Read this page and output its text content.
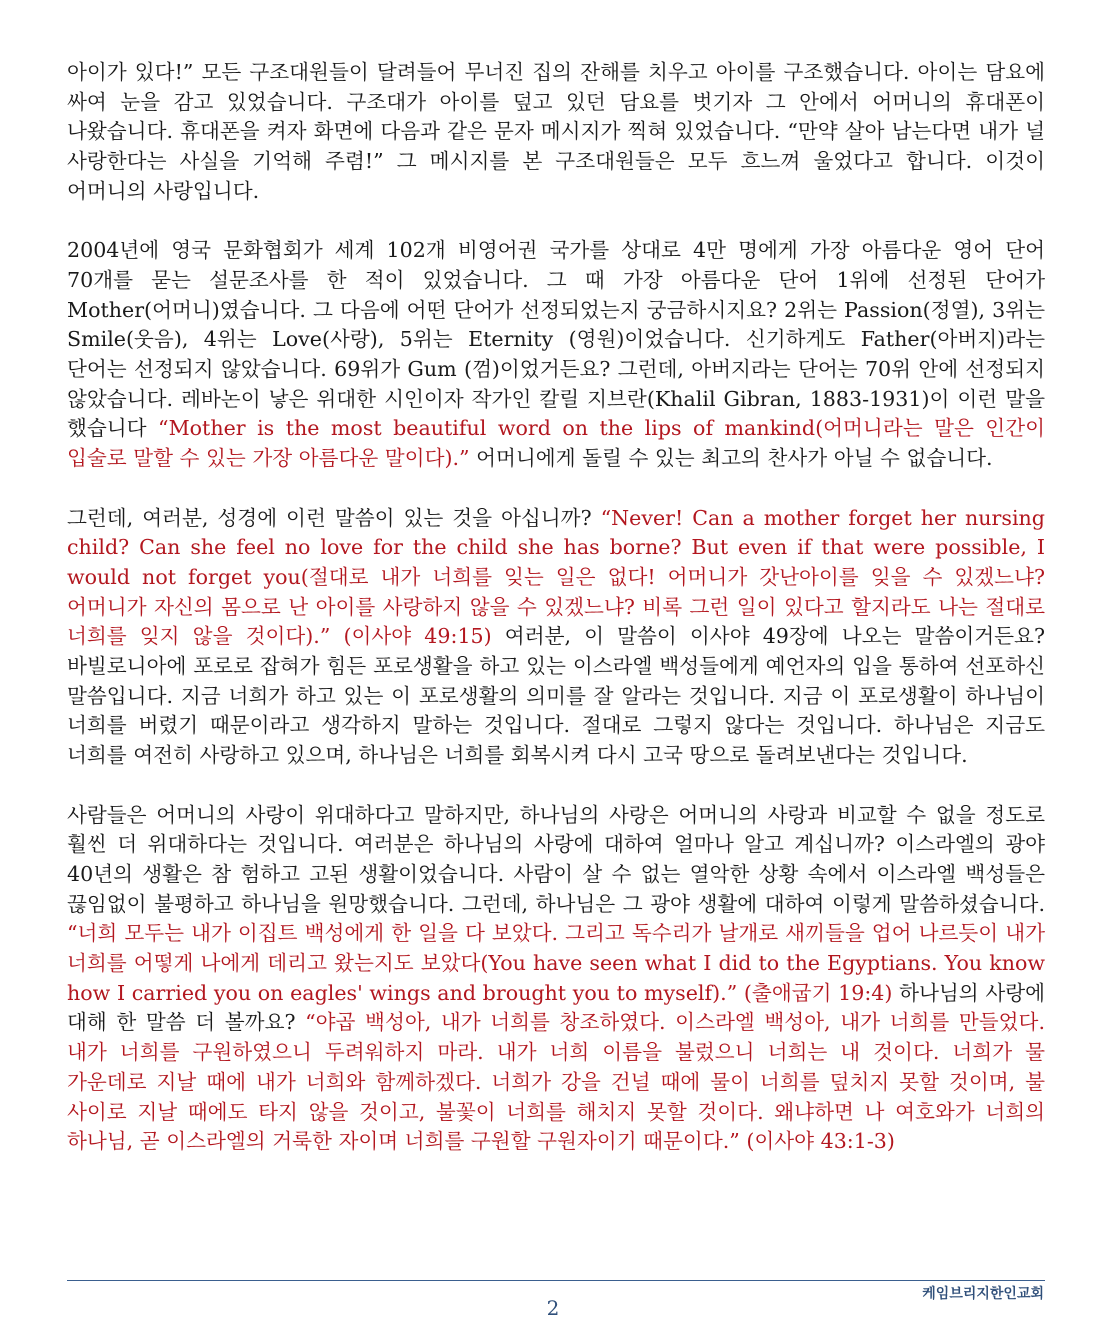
아이가 있다!” 모든 구조대원들이 달려들어 무너진 집의 잔해를 치우고 아이를 구조했습니다. 아이는 담요에 싸여 눈을 감고 있었습니다. 구조대가 아이를 덮고 있던 담요를 벗기자 그 안에서 어머니의 휴대폰이 나왔습니다. 휴대폰을 켜자 화면에 다음과 같은 문자 메시지가 찍혀 있었습니다. “만약 살아 남는다면 내가 널 사랑한다는 사실을 기억해 주렴!” 그 메시지를 본 구조대원들은 모두 흐느껴 울었다고 합니다. 이것이 어머니의 사랑입니다.

2004년에 영국 문화협회가 세계 102개 비영어권 국가를 상대로 4만 명에게 가장 아름다운 영어 단어 70개를 묻는 설문조사를 한 적이 있었습니다. 그 때 가장 아름다운 단어 1위에 선정된 단어가 Mother(어머니)였습니다. 그 다음에 어떤 단어가 선정되었는지 궁금하시지요? 2위는 Passion(정열), 3위는 Smile(웃음), 4위는 Love(사랑), 5위는 Eternity (영원)이었습니다. 신기하게도 Father(아버지)라는 단어는 선정되지 않았습니다. 69위가 Gum (껌)이었거든요? 그런데, 아버지라는 단어는 70위 안에 선정되지 않았습니다. 레바논이 낳은 위대한 시인이자 작가인 칼릴 지브란(Khalil Gibran, 1883-1931)이 이런 말을 했습니다 “Mother is the most beautiful word on the lips of mankind(어머니라는 말은 인간이 입술로 말할 수 있는 가장 아름다운 말이다).” 어머니에게 돌릴 수 있는 최고의 찬사가 아닐 수 없습니다.

그런데, 여러분, 성경에 이런 말씀이 있는 것을 아십니까? “Never! Can a mother forget her nursing child? Can she feel no love for the child she has borne? But even if that were possible, I would not forget you(절대로 내가 너희를 잊는 일은 없다! 어머니가 갓난아이를 잊을 수 있겠느냐? 어머니가 자신의 몸으로 난 아이를 사랑하지 않을 수 있겠느냐? 비록 그런 일이 있다고 할지라도 나는 절대로 너희를 잊지 않을 것이다).” (이사야 49:15) 여러분, 이 말씀이 이사야 49장에 나오는 말씀이거든요? 바빌로니아에 포로로 잡혀가 힘든 포로생활을 하고 있는 이스라엘 백성들에게 예언자의 입을 통하여 선포하신 말씀입니다. 지금 너희가 하고 있는 이 포로생활의 의미를 잘 알라는 것입니다. 지금 이 포로생활이 하나님이 너희를 버렸기 때문이라고 생각하지 말하는 것입니다. 절대로 그렇지 않다는 것입니다. 하나님은 지금도 너희를 여전히 사랑하고 있으며, 하나님은 너희를 회복시켜 다시 고국 땅으로 돌려보낸다는 것입니다.

사람들은 어머니의 사랑이 위대하다고 말하지만, 하나님의 사랑은 어머니의 사랑과 비교할 수 없을 정도로 훨씬 더 위대하다는 것입니다. 여러분은 하나님의 사랑에 대하여 얼마나 알고 계십니까? 이스라엘의 광야 40년의 생활은 참 험하고 고된 생활이었습니다. 사람이 살 수 없는 열악한 상황 속에서 이스라엘 백성들은 끊임없이 불평하고 하나님을 원망했습니다. 그런데, 하나님은 그 광야 생활에 대하여 이렇게 말씀하셨습니다. “너희 모두는 내가 이집트 백성에게 한 일을 다 보았다. 그리고 독수리가 날개로 새끼들을 업어 나르듯이 내가 너희를 어떻게 나에게 데리고 왔는지도 보았다(You have seen what I did to the Egyptians. You know how I carried you on eagles' wings and brought you to myself).” (출애굽기 19:4) 하나님의 사랑에 대해 한 말씀 더 볼까요? “야곱 백성아, 내가 너희를 창조하였다. 이스라엘 백성아, 내가 너희를 만들었다. 내가 너희를 구원하였으니 두려워하지 마라. 내가 너희 이름을 불렀으니 너희는 내 것이다. 너희가 물 가운데로 지날 때에 내가 너희와 함께하겠다. 너희가 강을 건널 때에 물이 너희를 덮치지 못할 것이며, 불 사이로 지날 때에도 타지 않을 것이고, 불꽃이 너희를 해치지 못할 것이다. 왜냐하면 나 여호와가 너희의 하나님, 곧 이스라엘의 거룩한 자이며 너희를 구원할 구원자이기 때문이다.” (이사야 43:1-3)

케임브리지한인교회
2
